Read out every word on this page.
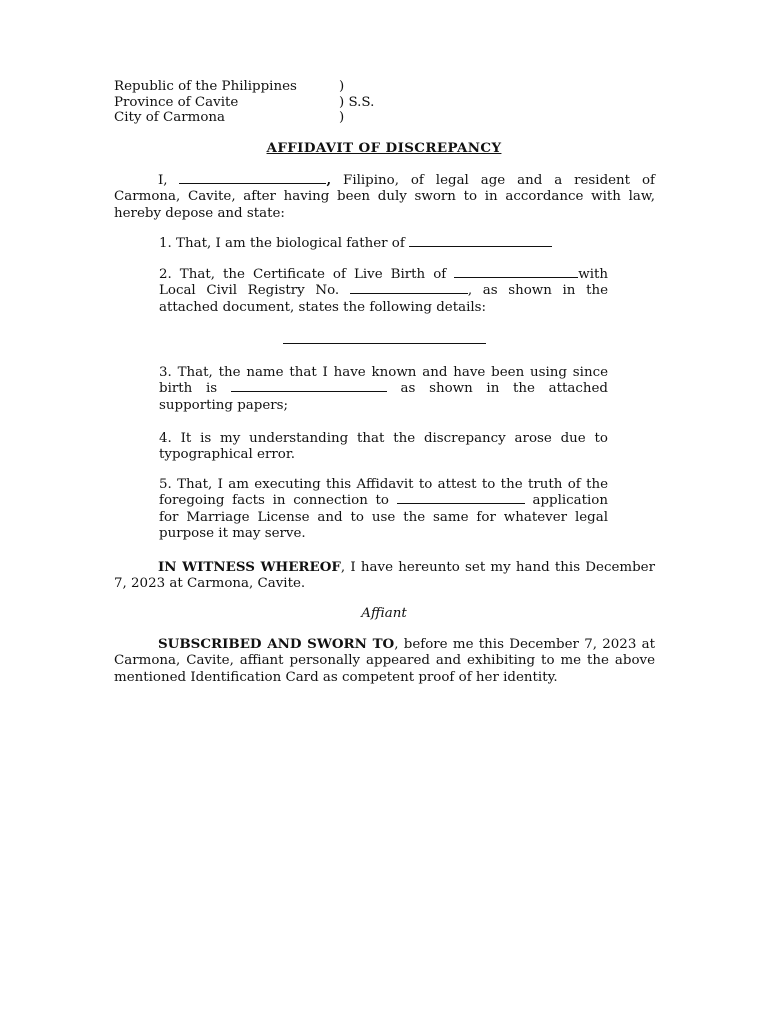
Republic of the Philippines	)
Province of Cavite	) S.S.
City of Carmona	)
AFFIDAVIT OF DISCREPANCY
I,	, Filipino, of legal age and a resident of Carmona, Cavite, after having been duly sworn to in accordance with law, hereby depose and state:
1. That, I am the biological father of
2. That, the Certificate of Live Birth of	with Local Civil Registry No.	, as shown in the attached document, states the following details:
3. That, the name that I have known and have been using since birth is	as shown in the attached supporting papers;
4. It is my understanding that the discrepancy arose due to typographical error.
5. That, I am executing this Affidavit to attest to the truth of the foregoing facts in connection to	application for Marriage License and to use the same for whatever legal purpose it may serve.
IN WITNESS WHEREOF, I have hereunto set my hand this December 7, 2023 at Carmona, Cavite.
Affiant
SUBSCRIBED AND SWORN TO, before me this December 7, 2023 at Carmona, Cavite, affiant personally appeared and exhibiting to me the above mentioned Identification Card as competent proof of her identity.
